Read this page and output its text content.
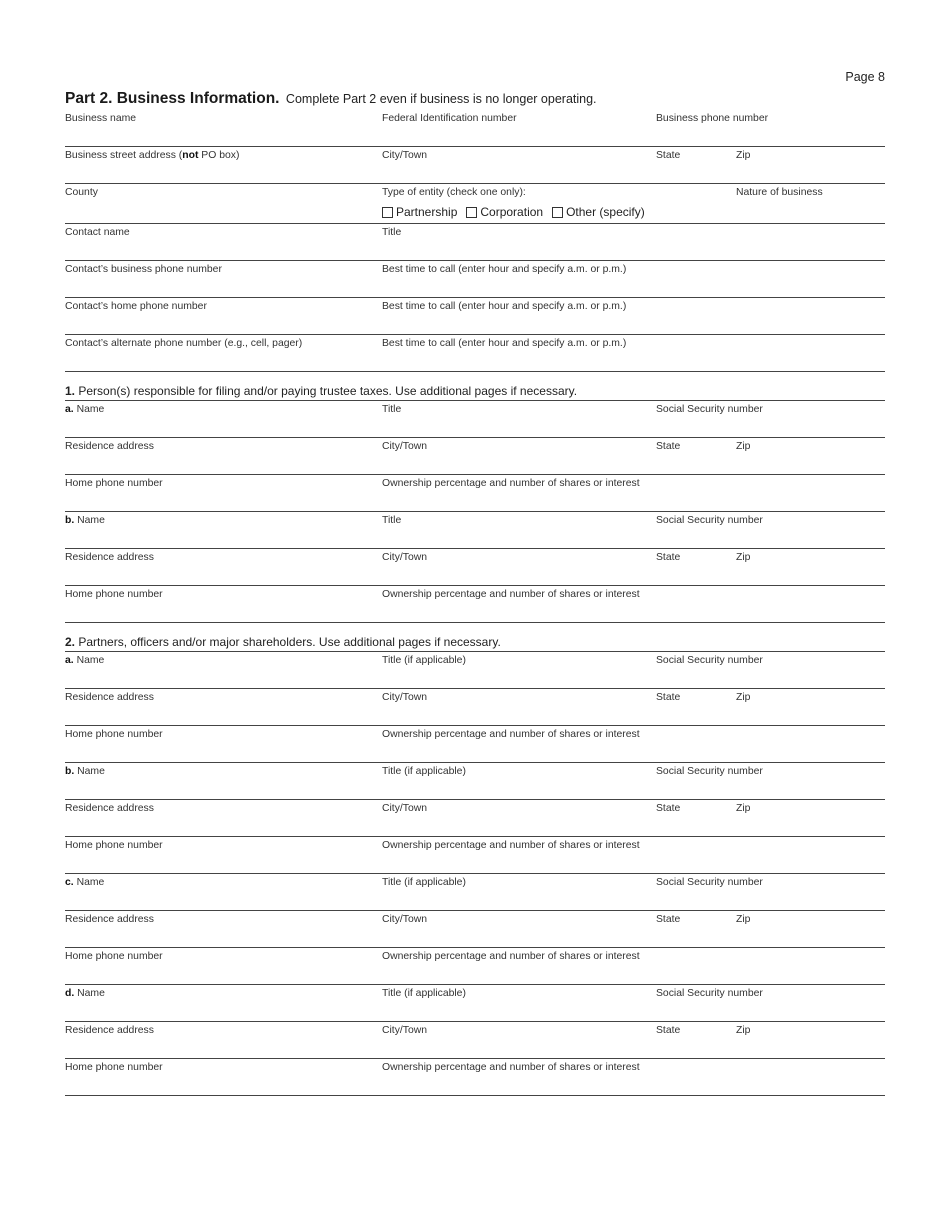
Page 8
Part 2. Business Information. Complete Part 2 even if business is no longer operating.
Business name	Federal Identification number	Business phone number
Business street address (not PO box)	City/Town	State	Zip
County	Type of entity (check one only):	Nature of business
Partnership Corporation Other (specify)
Contact name	Title
Contact’s business phone number	Best time to call (enter hour and specify a.m. or p.m.)
Contact’s home phone number	Best time to call (enter hour and specify a.m. or p.m.)
Contact’s alternate phone number (e.g., cell, pager)	Best time to call (enter hour and specify a.m. or p.m.)
1. Person(s) responsible for filing and/or paying trustee taxes. Use additional pages if necessary.
a. Name	Title	Social Security number
Residence address	City/Town	State	Zip
Home phone number	Ownership percentage and number of shares or interest
b. Name	Title	Social Security number
Residence address	City/Town	State	Zip
Home phone number	Ownership percentage and number of shares or interest
2. Partners, officers and/or major shareholders. Use additional pages if necessary.
a. Name	Title (if applicable)	Social Security number
Residence address	City/Town	State	Zip
Home phone number	Ownership percentage and number of shares or interest
b. Name	Title (if applicable)	Social Security number
Residence address	City/Town	State	Zip
Home phone number	Ownership percentage and number of shares or interest
c. Name	Title (if applicable)	Social Security number
Residence address	City/Town	State	Zip
Home phone number	Ownership percentage and number of shares or interest
d. Name	Title (if applicable)	Social Security number
Residence address	City/Town	State	Zip
Home phone number	Ownership percentage and number of shares or interest
